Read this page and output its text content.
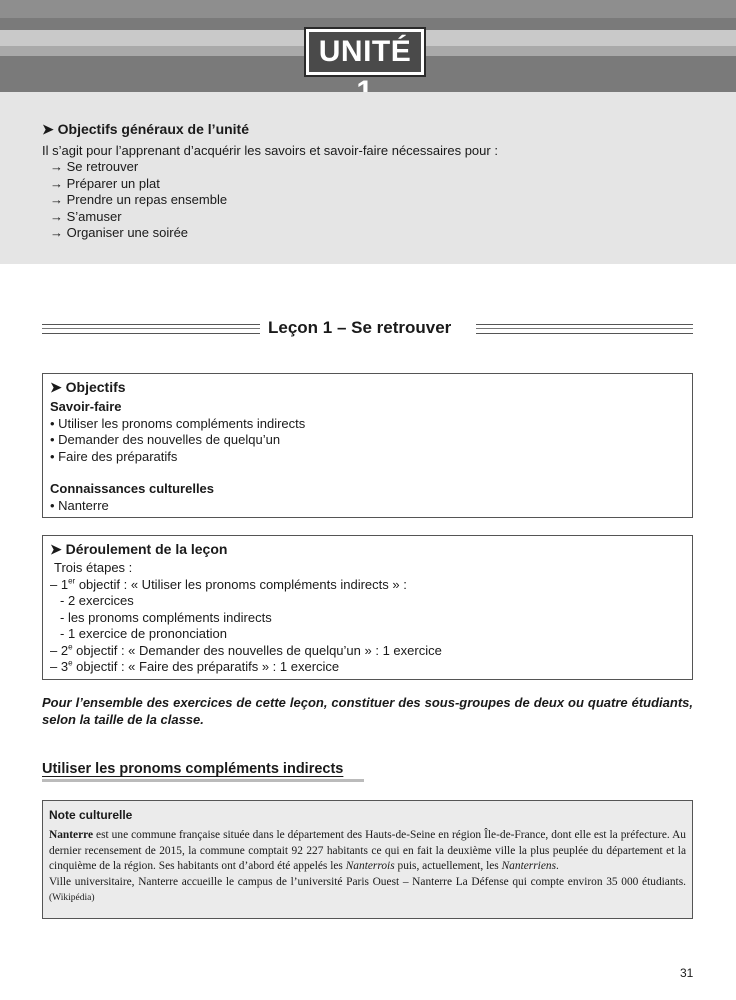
UNITÉ
➤ Objectifs généraux de l’unité
Il s’agit pour l’apprenant d’acquérir les savoirs et savoir-faire nécessaires pour :
→ Se retrouver
→ Préparer un plat
→ Prendre un repas ensemble
→ S’amuser
→ Organiser une soirée
Leçon 1 – Se retrouver
➤ Objectifs
Savoir-faire
• Utiliser les pronoms compléments indirects
• Demander des nouvelles de quelqu’un
• Faire des préparatifs
Connaissances culturelles
• Nanterre
➤ Déroulement de la leçon
Trois étapes :
– 1er objectif : « Utiliser les pronoms compléments indirects » :
- 2 exercices
- les pronoms compléments indirects
- 1 exercice de prononciation
– 2e objectif : « Demander des nouvelles de quelqu’un » : 1 exercice
– 3e objectif : « Faire des préparatifs » : 1 exercice
Pour l’ensemble des exercices de cette leçon, constituer des sous-groupes de deux ou quatre étudiants, selon la taille de la classe.
Utiliser les pronoms compléments indirects
Note culturelle
Nanterre est une commune française située dans le département des Hauts-de-Seine en région Île-de-France, dont elle est la préfecture. Au dernier recensement de 2015, la commune comptait 92 227 habitants ce qui en fait la deuxième ville la plus peuplée du département et la cinquième de la région. Ses habitants ont d’abord été appelés les Nanterrois puis, actuellement, les Nanterriens.
Ville universitaire, Nanterre accueille le campus de l’université Paris Ouest – Nanterre La Défense qui compte environ 35 000 étudiants. (Wikipédia)
31
